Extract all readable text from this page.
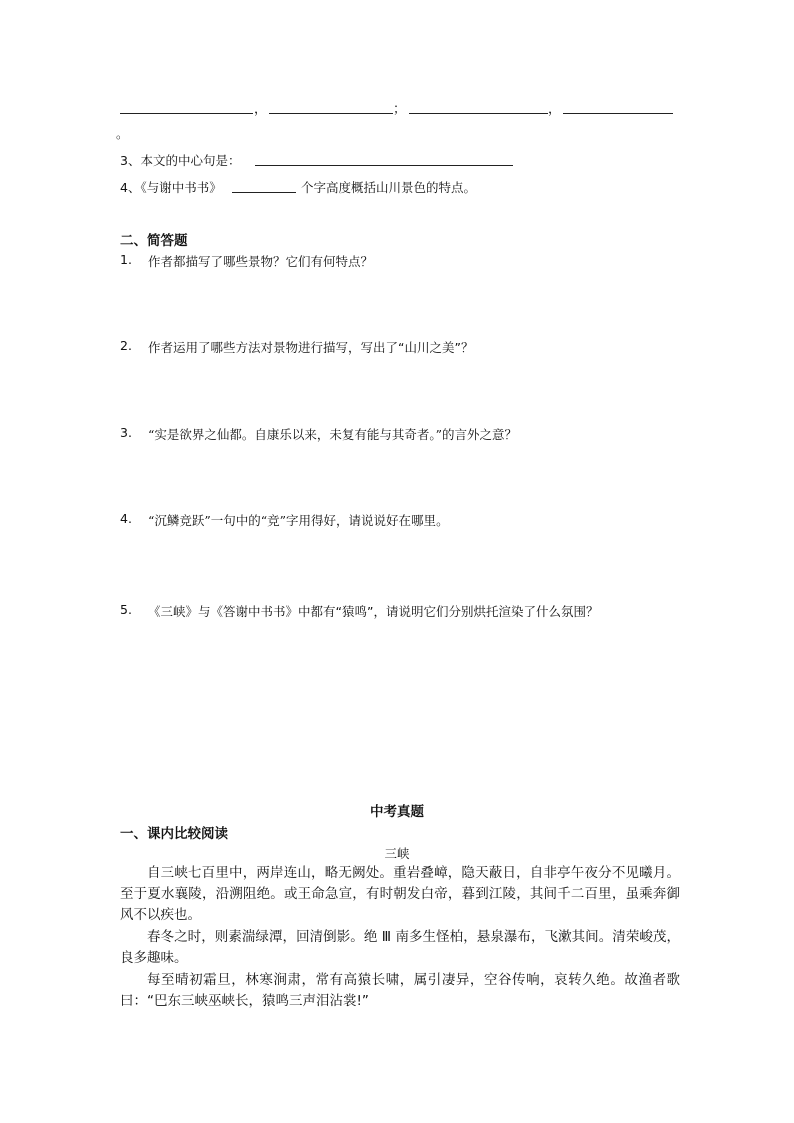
，	；	，
。
3、本文的中心句是：
4、《与谢中书书》	个字高度概括山川景色的特点。
二、简答题
1. 作者都描写了哪些景物？它们有何特点？
2. 作者运用了哪些方法对景物进行描写，写出了“山川之美”？
3. “实是欲界之仙都。自康乐以来，未复有能与其奇者。”的言外之意？
4. “沉鳞竞跃”一句中的“竞”字用得好，请说说好在哪里。
5. 《三峡》与《答谢中书书》中都有“猿鸣”，请说明它们分别烘托渲染了什么氛围？
中考真题
一、课内比较阅读
三峡
自三峡七百里中，两岸连山，略无阙处。重岩叠嶂，隐天蔽日，自非亭午夜分不见曦月。至于夏水襄陵，沿溯阻绝。或王命急宣，有时朝发白帝，暮到江陵，其间千二百里，虽乘奔御风不以疾也。
春冬之时，则素湍绿潭，回清倒影。绝 Ⅲ 南多生怪柏，悬泉瀑布，飞漱其间。清荣峻茂，良多趣味。
每至晴初霜旦，林寒涧肃，常有高猿长啸，属引凄异，空谷传响，哀转久绝。故渔者歌曰：“巴东三峡巫峡长，猿鸣三声泪沾裳!”
